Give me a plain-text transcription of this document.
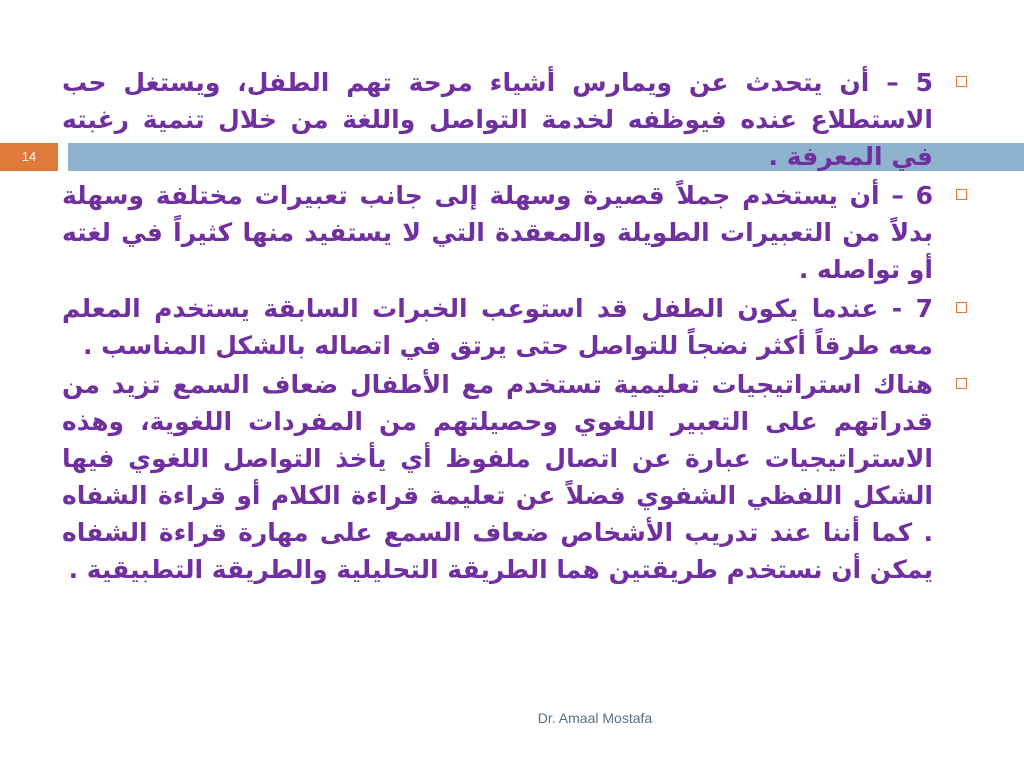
14

5 – أن يتحدث عن ويمارس أشياء مرحة تهم الطفل، ويستغل حب الاستطلاع عنده فيوظفه لخدمة التواصل واللغة من خلال تنمية رغبته في المعرفة .

6 – أن يستخدم جملاً قصيرة وسهلة إلى جانب تعبيرات مختلفة وسهلة بدلاً من التعبيرات الطويلة والمعقدة التي لا يستفيد منها كثيراً في لغته أو تواصله .

7 - عندما يكون الطفل قد استوعب الخبرات السابقة يستخدم المعلم معه طرقاً أكثر نضجاً للتواصل حتى يرتق في اتصاله بالشكل المناسب .

هناك استراتيجيات تعليمية تستخدم مع الأطفال ضعاف السمع تزيد من قدراتهم على التعبير اللغوي وحصيلتهم من المفردات اللغوية، وهذه الاستراتيجيات عبارة عن اتصال ملفوظ أي يأخذ التواصل اللغوي فيها الشكل اللفظي الشفوي فضلاً عن تعليمة قراءة الكلام أو قراءة الشفاه . كما أننا عند تدريب الأشخاص ضعاف السمع على مهارة قراءة الشفاه يمكن أن نستخدم طريقتين هما الطريقة التحليلية والطريقة التطبيقية .

Dr. Amaal Mostafa
